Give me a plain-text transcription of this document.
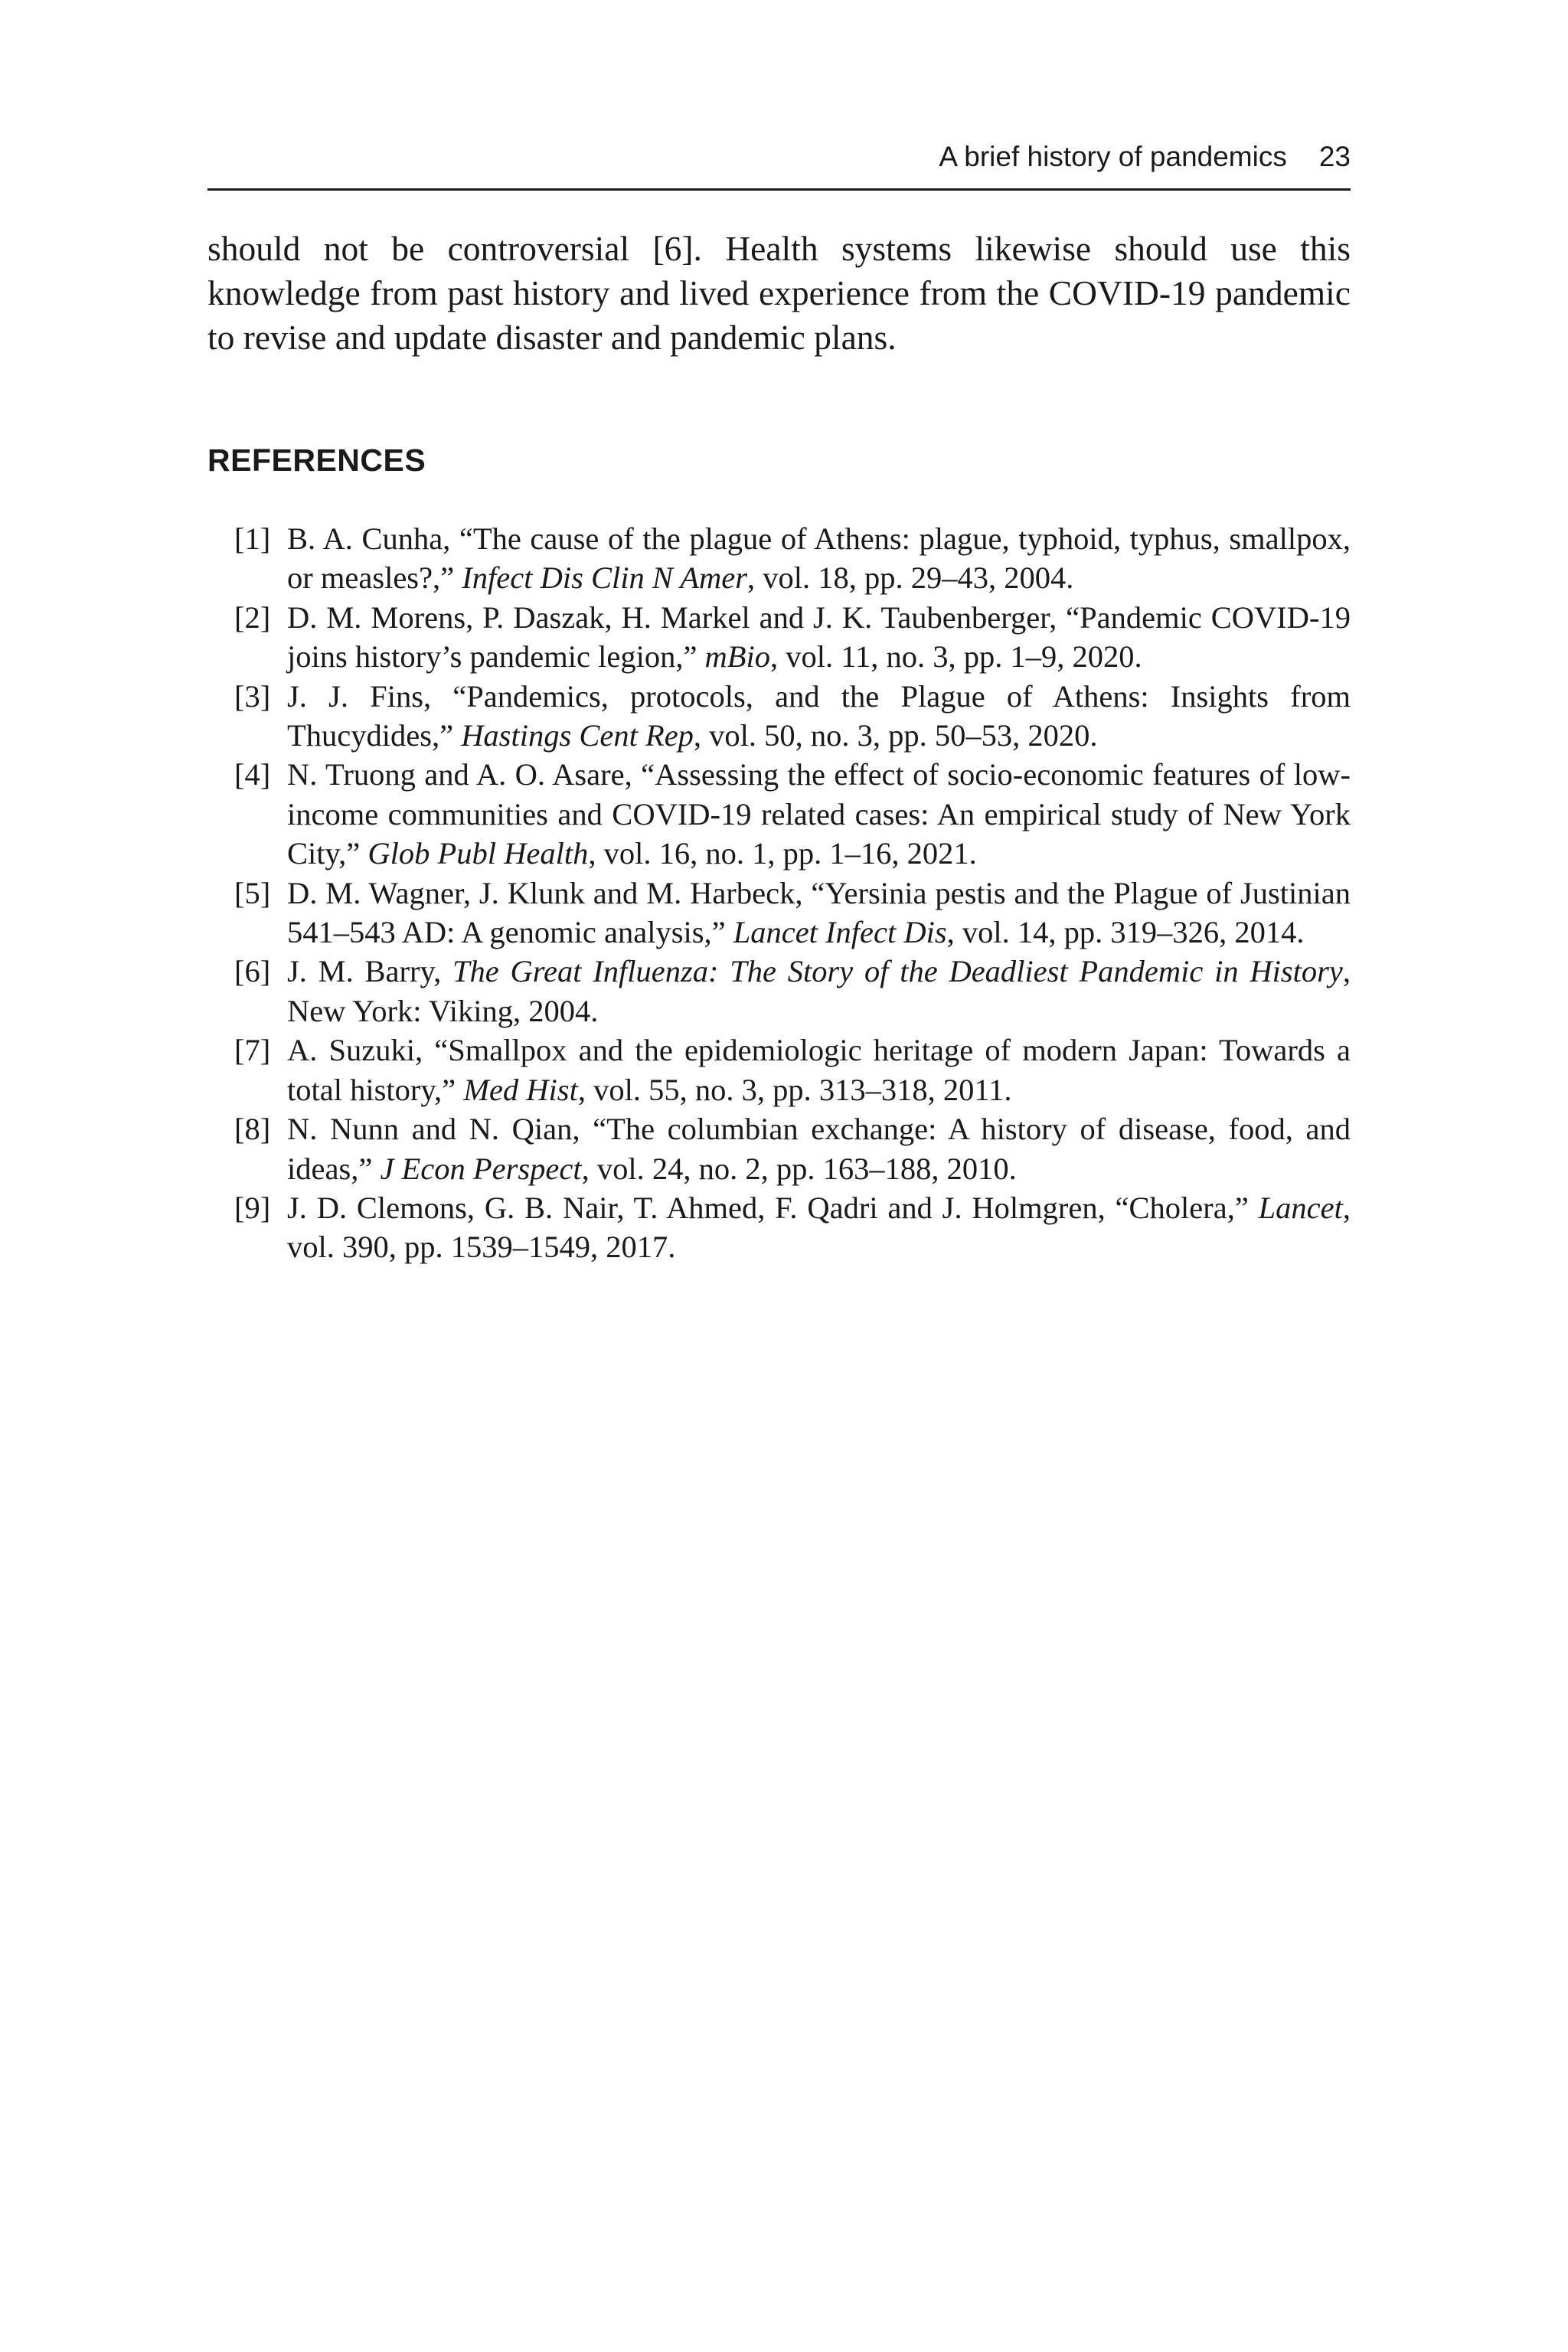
A brief history of pandemics 23

should not be controversial [6]. Health systems likewise should use this knowledge from past history and lived experience from the COVID-19 pandemic to revise and update disaster and pandemic plans.

REFERENCES
[1] B. A. Cunha, “The cause of the plague of Athens: plague, typhoid, typhus, smallpox, or measles?,” Infect Dis Clin N Amer, vol. 18, pp. 29–43, 2004.
[2] D. M. Morens, P. Daszak, H. Markel and J. K. Taubenberger, “Pandemic COVID-19 joins history’s pandemic legion,” mBio, vol. 11, no. 3, pp. 1–9, 2020.
[3] J. J. Fins, “Pandemics, protocols, and the Plague of Athens: Insights from Thucydides,” Hastings Cent Rep, vol. 50, no. 3, pp. 50–53, 2020.
[4] N. Truong and A. O. Asare, “Assessing the effect of socio-economic features of low-income communities and COVID-19 related cases: An empirical study of New York City,” Glob Publ Health, vol. 16, no. 1, pp. 1–16, 2021.
[5] D. M. Wagner, J. Klunk and M. Harbeck, “Yersinia pestis and the Plague of Justinian 541–543 AD: A genomic analysis,” Lancet Infect Dis, vol. 14, pp. 319–326, 2014.
[6] J. M. Barry, The Great Influenza: The Story of the Deadliest Pandemic in History, New York: Viking, 2004.
[7] A. Suzuki, “Smallpox and the epidemiologic heritage of modern Japan: Towards a total history,” Med Hist, vol. 55, no. 3, pp. 313–318, 2011.
[8] N. Nunn and N. Qian, “The columbian exchange: A history of disease, food, and ideas,” J Econ Perspect, vol. 24, no. 2, pp. 163–188, 2010.
[9] J. D. Clemons, G. B. Nair, T. Ahmed, F. Qadri and J. Holmgren, “Cholera,” Lancet, vol. 390, pp. 1539–1549, 2017.
